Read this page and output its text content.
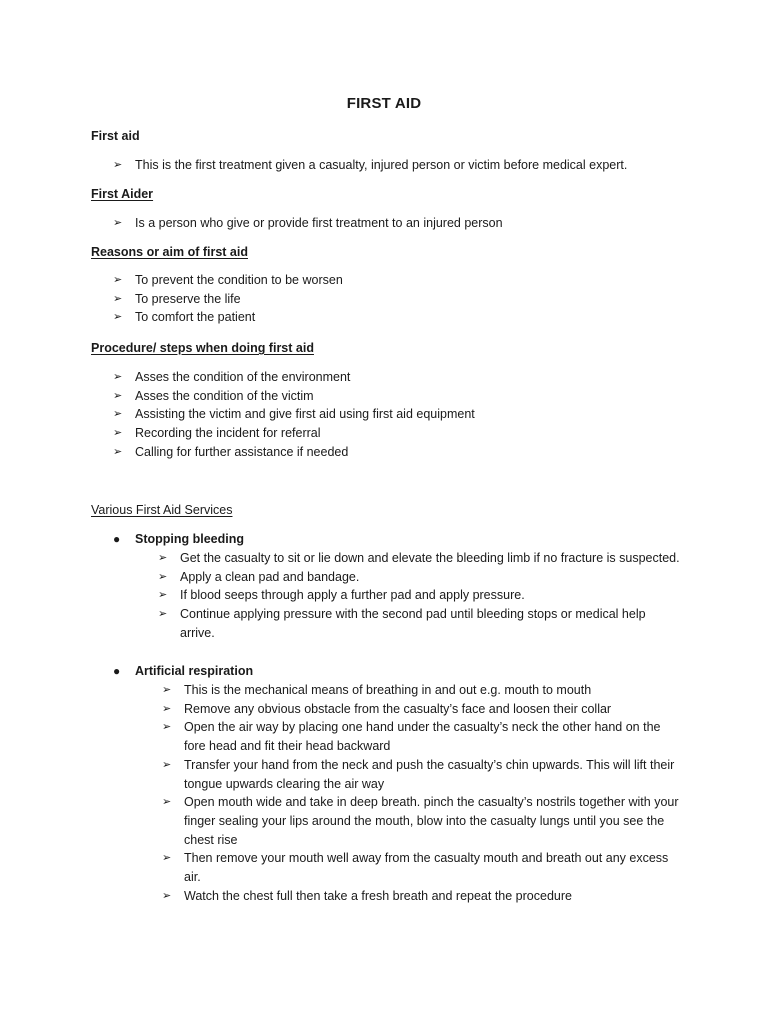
FIRST AID
First aid
➢ This is the first treatment given a casualty, injured person or victim before medical expert.
First Aider
➢ Is a person who give or provide first treatment to an injured person
Reasons or aim of first aid
➢ To prevent the condition to be worsen
➢ To preserve the life
➢ To comfort the patient
Procedure/ steps when doing first aid
➢ Asses the condition of the environment
➢ Asses the condition of the victim
➢ Assisting the victim and give first aid using first aid equipment
➢ Recording the incident for referral
➢ Calling for further assistance if needed
Various First Aid Services
● Stopping bleeding
➢ Get the casualty to sit or lie down and elevate the bleeding limb if no fracture is suspected.
➢ Apply a clean pad and bandage.
➢ If blood seeps through apply a further pad and apply pressure.
➢ Continue applying pressure with the second pad until bleeding stops or medical help arrive.
● Artificial respiration
➢ This is the mechanical means of breathing in and out e.g. mouth to mouth
➢ Remove any obvious obstacle from the casualty’s face and loosen their collar
➢ Open the air way by placing one hand under the casualty’s neck the other hand on the fore head and fit their head backward
➢ Transfer your hand from the neck and push the casualty’s chin upwards. This will lift their tongue upwards clearing the air way
➢ Open mouth wide and take in deep breath. pinch the casualty’s nostrils together with your finger sealing your lips around the mouth, blow into the casualty lungs until you see the chest rise
➢ Then remove your mouth well away from the casualty mouth and breath out any excess air.
➢ Watch the chest full then take a fresh breath and repeat the procedure
